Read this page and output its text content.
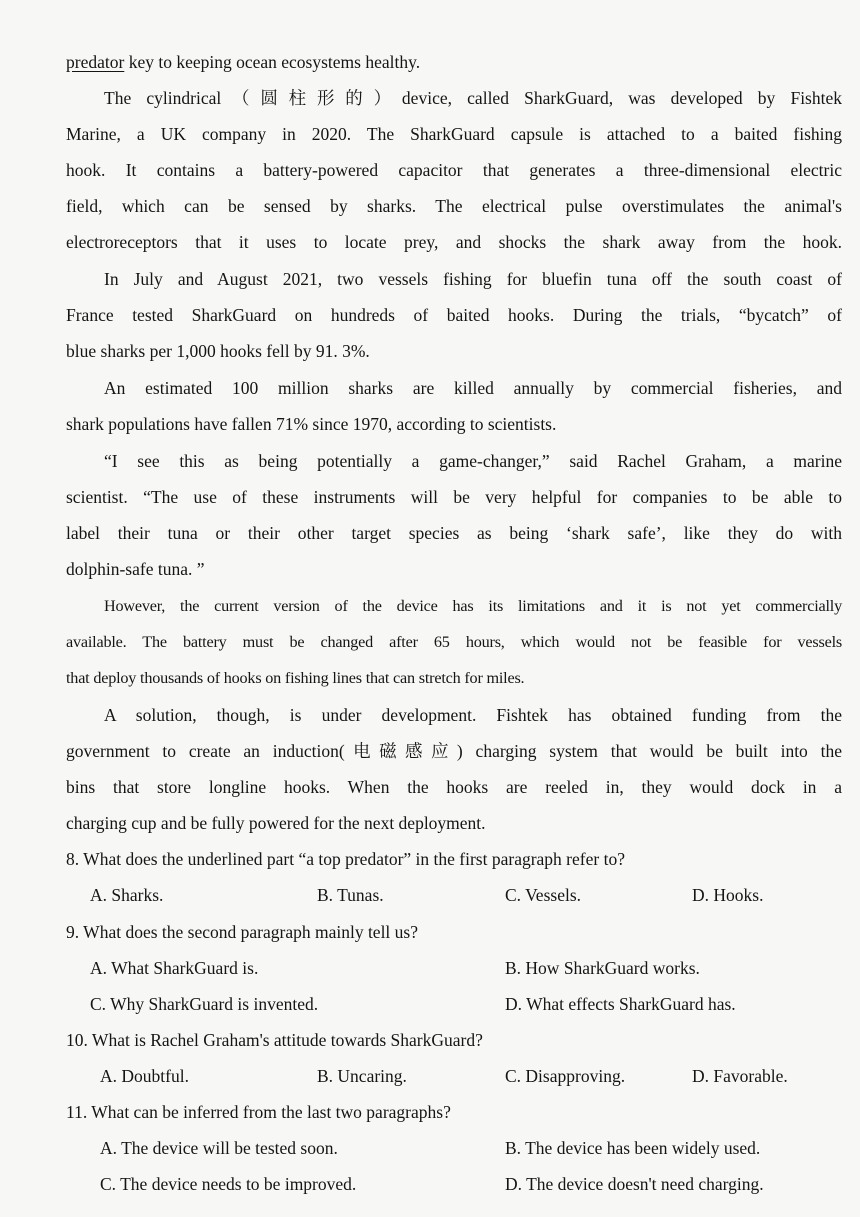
predator key to keeping ocean ecosystems healthy.
The cylindrical（圆柱形的）device, called SharkGuard, was developed by Fishtek
Marine, a UK company in 2020. The SharkGuard capsule is attached to a baited fishing
hook. It contains a battery-powered capacitor that generates a three-dimensional electric
field, which can be sensed by sharks. The electrical pulse overstimulates the animal's
electroreceptors that it uses to locate prey, and shocks the shark away from the hook.
In July and August 2021, two vessels fishing for bluefin tuna off the south coast of
France tested SharkGuard on hundreds of baited hooks. During the trials, “bycatch” of
blue sharks per 1,000 hooks fell by 91. 3%.
An estimated 100 million sharks are killed annually by commercial fisheries, and
shark populations have fallen 71% since 1970, according to scientists.
“I see this as being potentially a game-changer,” said Rachel Graham, a marine
scientist. “The use of these instruments will be very helpful for companies to be able to
label their tuna or their other target species as being ‘shark safe’, like they do with
dolphin-safe tuna. ”
However, the current version of the device has its limitations and it is not yet commercially
available. The battery must be changed after 65 hours, which would not be feasible for vessels
that deploy thousands of hooks on fishing lines that can stretch for miles.
A solution, though, is under development. Fishtek has obtained funding from the
government to create an induction(电磁感应) charging system that would be built into the
bins that store longline hooks. When the hooks are reeled in, they would dock in a
charging cup and be fully powered for the next deployment.
8. What does the underlined part “a top predator” in the first paragraph refer to?
A. Sharks.	B. Tunas.	C. Vessels.	D. Hooks.
9. What does the second paragraph mainly tell us?
A. What SharkGuard is.	B. How SharkGuard works.
C. Why SharkGuard is invented.	D. What effects SharkGuard has.
10. What is Rachel Graham's attitude towards SharkGuard?
A. Doubtful.	B. Uncaring.	C. Disapproving.	D. Favorable.
11. What can be inferred from the last two paragraphs?
A. The device will be tested soon.	B. The device has been widely used.
C. The device needs to be improved.	D. The device doesn't need charging.
